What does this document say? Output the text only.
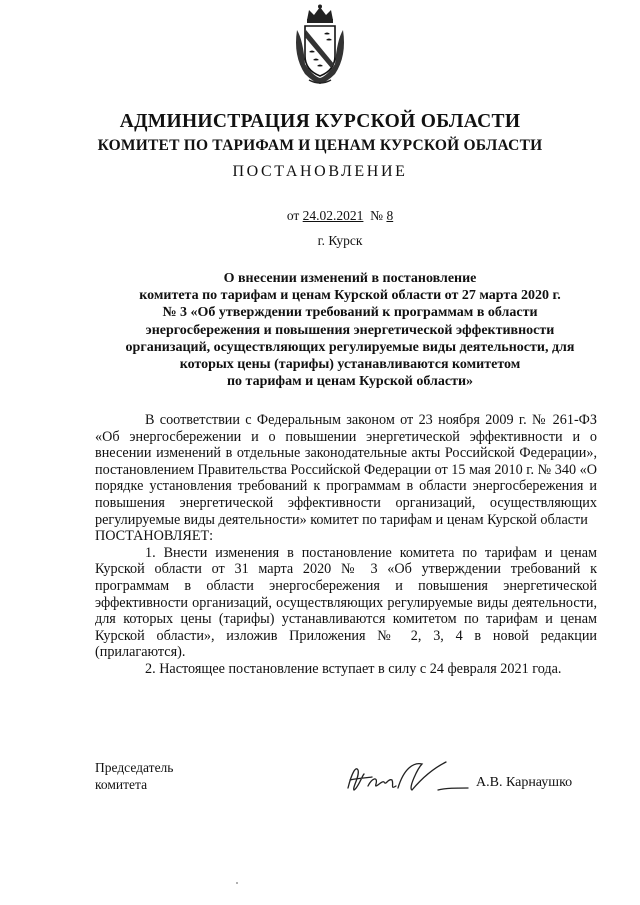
АДМИНИСТРАЦИЯ КУРСКОЙ ОБЛАСТИ
КОМИТЕТ ПО ТАРИФАМ И ЦЕНАМ КУРСКОЙ ОБЛАСТИ
ПОСТАНОВЛЕНИЕ
от 24.02.2021 № 8
г. Курск
О внесении изменений в постановление
комитета по тарифам и ценам Курской области от 27 марта 2020 г.
№ 3 «Об утверждении требований к программам в области
энергосбережения и повышения энергетической эффективности
организаций, осуществляющих регулируемые виды деятельности, для
которых цены (тарифы) устанавливаются комитетом
по тарифам и ценам Курской области»

В соответствии с Федеральным законом от 23 ноября 2009 г. № 261-ФЗ «Об энергосбережении и о повышении энергетической эффективности и о внесении изменений в отдельные законодательные акты Российской Федерации», постановлением Правительства Российской Федерации от 15 мая 2010 г. № 340 «О порядке установления требований к программам в области энергосбережения и повышения энергетической эффективности организаций, осуществляющих регулируемые виды деятельности» комитет по тарифам и ценам Курской области
ПОСТАНОВЛЯЕТ:

1. Внести изменения в постановление комитета по тарифам и ценам Курской области от 31 марта 2020 № 3 «Об утверждении требований к программам в области энергосбережения и повышения энергетической эффективности организаций, осуществляющих регулируемые виды деятельности, для которых цены (тарифы) устанавливаются комитетом по тарифам и ценам Курской области», изложив Приложения № 2, 3, 4 в новой редакции (прилагаются).

2. Настоящее постановление вступает в силу с 24 февраля 2021 года.

Председатель
комитета	А.В. Карнаушко
